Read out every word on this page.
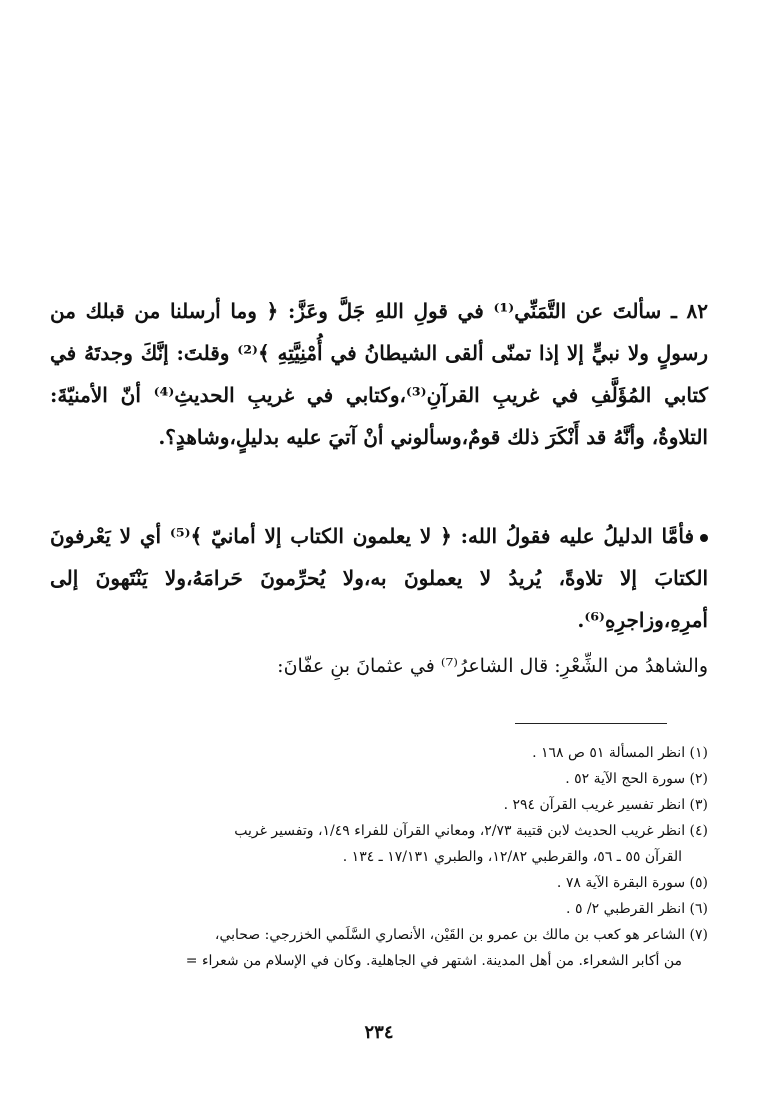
٨٢ ـ سألتَ عن التَّمَنِّي⁽¹⁾ في قولِ اللهِ جَلَّ وعَزَّ: ﴿ وما أرسلنا من قبلك من رسولٍ ولا نبيٍّ إلا إذا تمنّى ألقى الشيطانُ في أُمْنِيَّتِهِ ﴾⁽²⁾ وقلتَ: إنَّكَ وجدتَهُ في كتابي المُؤَلَّفِ في غريبِ القرآنِ⁽³⁾،وكتابي في غريبِ الحديثِ⁽⁴⁾ أنّ الأمنيّةَ: التلاوةُ، وأنَّهُ قد أَنْكَرَ ذلك قومٌ،وسألوني أنْ آتيَ عليه بدليلٍ،وشاهدٍ؟.
فأمَّا الدليلُ عليه فقولُ الله: ﴿ لا يعلمون الكتاب إلا أمانيّ ﴾⁽⁵⁾ أي لا يَعْرفونَ الكتابَ إلا تلاوةً، يُريدُ لا يعملونَ به،ولا يُحرِّمونَ حَرامَهُ،ولا يَنْتَهونَ إلى أمرِهِ،وزاجرِهِ⁽⁶⁾.
والشاهدُ من الشِّعْرِ: قال الشاعرُ⁽⁷⁾ في عثمانَ بنِ عفّانَ:
(١) انظر المسألة ٥١ ص ١٦٨ .
(٢) سورة الحج الآية ٥٢ .
(٣) انظر تفسير غريب القرآن ٢٩٤ .
(٤) انظر غريب الحديث لابن قتيبة ٢/٧٣، ومعاني القرآن للفراء ١/٤٩، وتفسير غريب
القرآن ٥٥ ـ ٥٦، والقرطبي ١٢/٨٢، والطبري ١٧/١٣١ ـ ١٣٤ .
(٥) سورة البقرة الآية ٧٨ .
(٦) انظر القرطبي ٢/ ٥ .
(٧) الشاعر هو كعب بن مالك بن عمرو بن القَيْن، الأنصاري السَّلَمي الخزرجي: صحابي،
من أكابر الشعراء. من أهل المدينة. اشتهر في الجاهلية. وكان في الإسلام من شعراء =
٢٣٤
